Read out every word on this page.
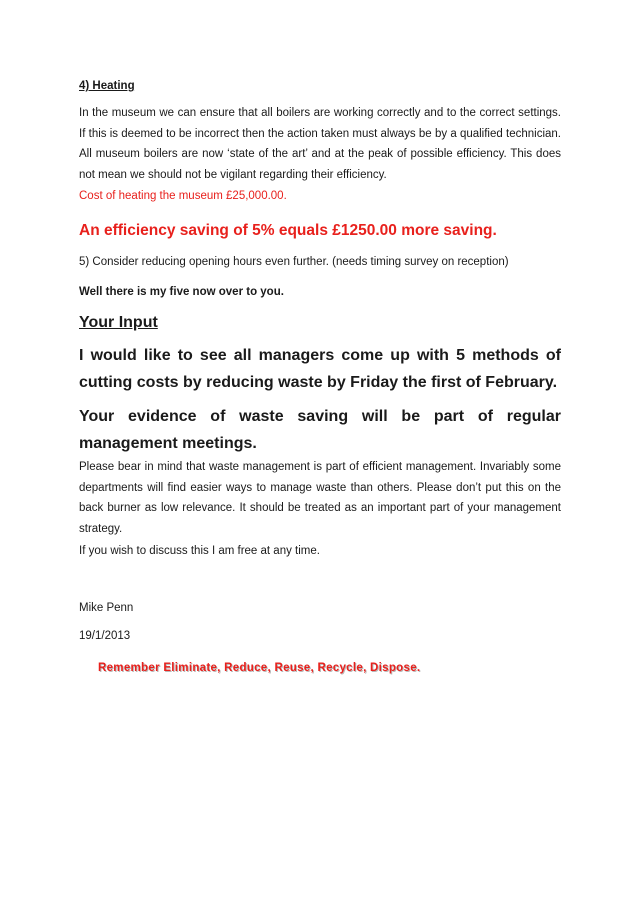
4) Heating

In the museum we can ensure that all boilers are working correctly and to the correct settings. If this is deemed to be incorrect then the action taken must always be by a qualified technician. All museum boilers are now ‘state of the art’ and at the peak of possible efficiency. This does not mean we should not be vigilant regarding their efficiency.

Cost of heating the museum £25,000.00.

An efficiency saving of 5% equals £1250.00 more saving.

5) Consider reducing opening hours even further. (needs timing survey on reception)

Well there is my five now over to you.

Your Input

I would like to see all managers come up with 5 methods of cutting costs by reducing waste by Friday the first of February.

Your evidence of waste saving will be part of regular management meetings.

Please bear in mind that waste management is part of efficient management. Invariably some departments will find easier ways to manage waste than others. Please don’t put this on the back burner as low relevance. It should be treated as an important part of your management strategy.

If you wish to discuss this I am free at any time.

Mike Penn

19/1/2013

Remember Eliminate, Reduce, Reuse, Recycle, Dispose.
